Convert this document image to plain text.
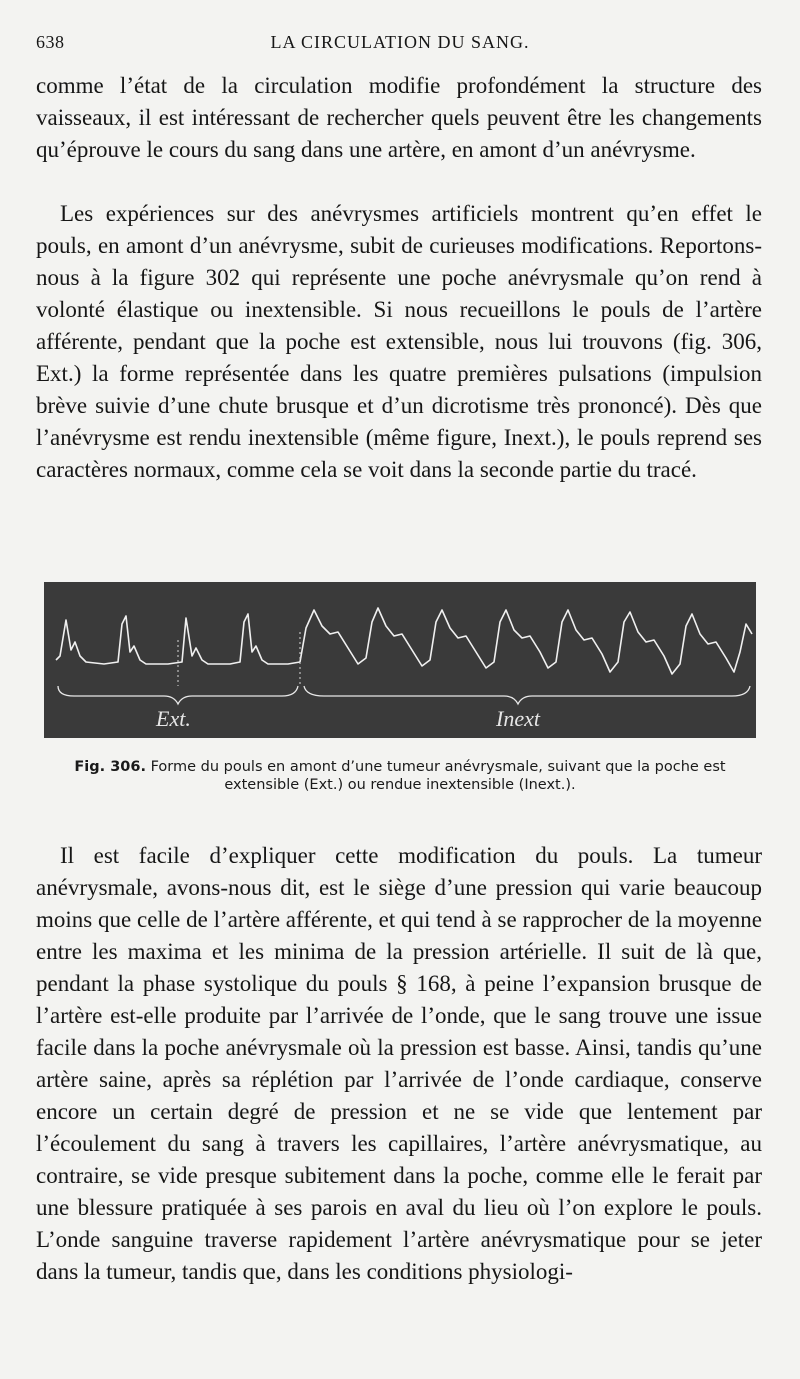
638	LA CIRCULATION DU SANG.

comme l’état de la circulation modifie profondément la structure des vaisseaux, il est intéressant de rechercher quels peuvent être les changements qu’éprouve le cours du sang dans une artère, en amont d’un anévrysme.

Les expériences sur des anévrysmes artificiels montrent qu’en effet le pouls, en amont d’un anévrysme, subit de curieuses modifications. Reportons-nous à la figure 302 qui représente une poche anévrysmale qu’on rend à volonté élastique ou inextensible. Si nous recueillons le pouls de l’artère afférente, pendant que la poche est extensible, nous lui trouvons (fig. 306, Ext.) la forme représentée dans les quatre premières pulsations (impulsion brève suivie d’une chute brusque et d’un dicrotisme très prononcé). Dès que l’anévrysme est rendu inextensible (même figure, Inext.), le pouls reprend ses caractères normaux, comme cela se voit dans la seconde partie du tracé.

Ext.	Inext
Fig. 306. Forme du pouls en amont d’une tumeur anévrysmale, suivant que la poche est extensible (Ext.) ou rendue inextensible (Inext.).

Il est facile d’expliquer cette modification du pouls. La tumeur anévrysmale, avons-nous dit, est le siège d’une pression qui varie beaucoup moins que celle de l’artère afférente, et qui tend à se rapprocher de la moyenne entre les maxima et les minima de la pression artérielle. Il suit de là que, pendant la phase systolique du pouls § 168, à peine l’expansion brusque de l’artère est-elle produite par l’arrivée de l’onde, que le sang trouve une issue facile dans la poche anévrysmale où la pression est basse. Ainsi, tandis qu’une artère saine, après sa réplétion par l’arrivée de l’onde cardiaque, conserve encore un certain degré de pression et ne se vide que lentement par l’écoulement du sang à travers les capillaires, l’artère anévrysmatique, au contraire, se vide presque subitement dans la poche, comme elle le ferait par une blessure pratiquée à ses parois en aval du lieu où l’on explore le pouls. L’onde sanguine traverse rapidement l’artère anévrysmatique pour se jeter dans la tumeur, tandis que, dans les conditions physiologi-
